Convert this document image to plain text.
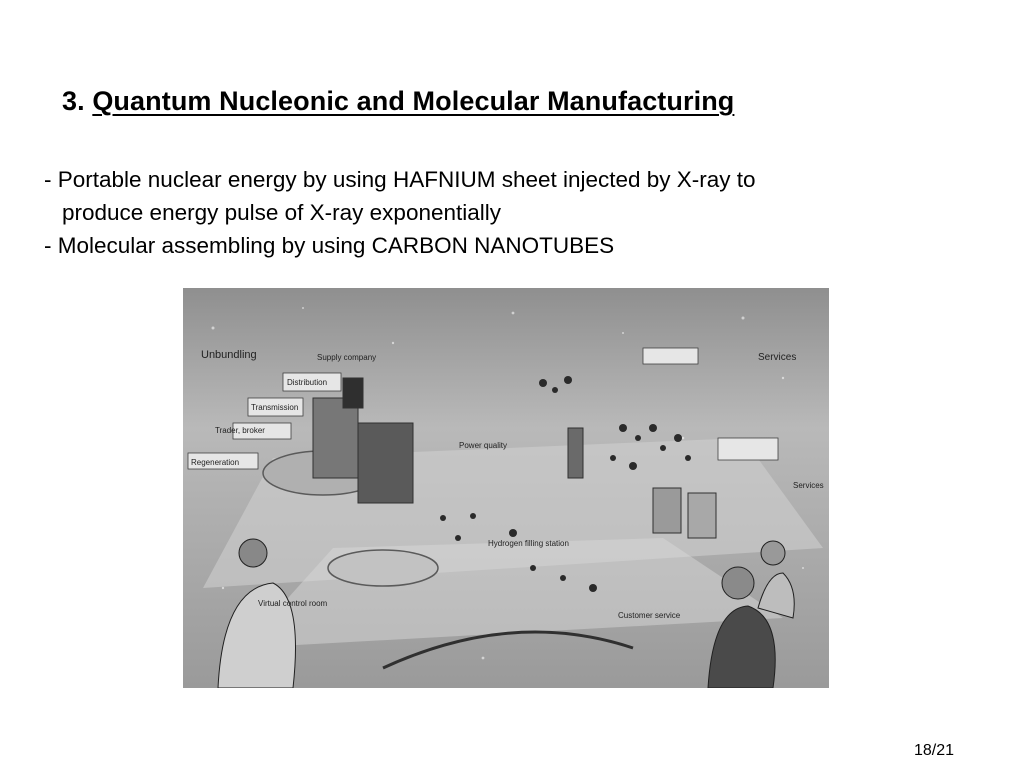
3. Quantum Nucleonic and Molecular Manufacturing
- Portable nuclear energy by using HAFNIUM sheet injected by X-ray to
produce energy pulse of X-ray exponentially
- Molecular assembling by using CARBON NANOTUBES
Unbundling	Supply company	Services
Distribution
Transmission
Trader, broker
Power quality
Virtual control room
Hydrogen filling station
Customer service
Regeneration
Services
18/21
